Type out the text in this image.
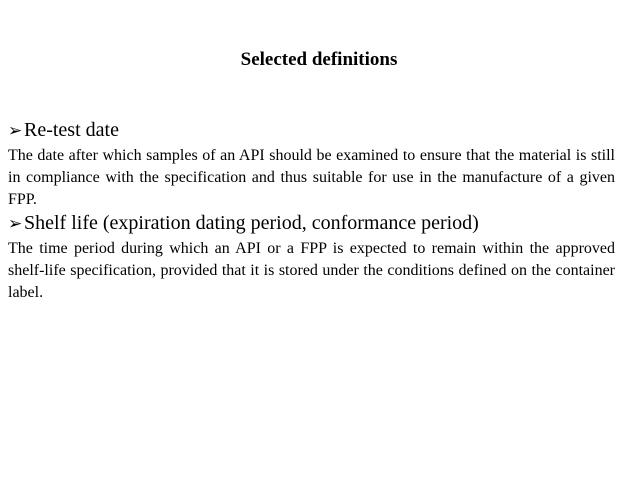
Selected definitions

➢Re-test date

The date after which samples of an API should be examined to ensure that the material is still in compliance with the specification and thus suitable for use in the manufacture of a given FPP.

➢Shelf life (expiration dating period, conformance period)

The time period during which an API or a FPP is expected to remain within the approved shelf-life specification, provided that it is stored under the conditions defined on the container label.
